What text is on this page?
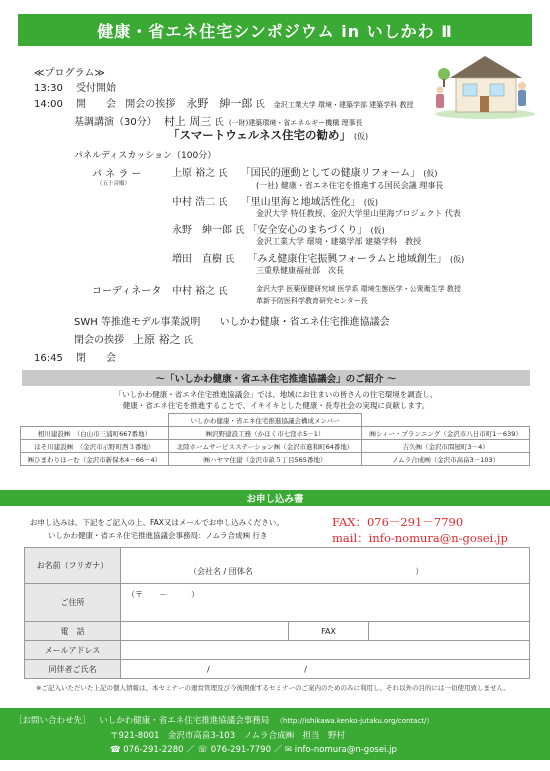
健康・省エネ住宅シンポジウム in いしかわ Ⅱ
≪プログラム≫
13:30 受付開始
14:00 開　　会 開会の挨拶 永野　紳一郎 氏 金沢工業大学 環境・建築学部 建築学科 教授
基調講演（30分） 村上 周三 氏 (一財)建築環境・省エネルギー機構 理事長
「スマートウェルネス住宅の勧め」 (仮)
パネルディスカッション（100分）
パ ネ ラ ー
（五十音順）
上原 裕之 氏 「国民的運動としての健康リフォーム」 (仮)
(一社) 健康・省エネ住宅を推進する国民会議 理事長
中村 浩二 氏 「里山里海と地域活性化」 (仮)
金沢大学 特任教授、金沢大学里山里海プロジェクト 代表
永野　紳一郎 氏 「安全安心のまちづくり」 (仮)
金沢工業大学 環境・建築学部 建築学科　教授
増田　直樹 氏 「みえ健康住宅振興フォーラムと地域創生」 (仮)
三重県健康福祉部　次長
コーディネータ 中村 裕之 氏	金沢大学 医薬保健研究域 医学系 環境生態医学・公衆衛生学 教授
革新予防医科学教育研究センター長
SWH 等推進モデル事業説明 いしかわ健康・省エネ住宅推進協議会
閉会の挨拶 上原 裕之 氏
16:45 閉　　会
～「いしかわ健康・省エネ住宅推進協議会」のご紹介 ～
「いしかわ健康・省エネ住宅推進協議会」では、地域にお住まいの皆さんの住宅環境を調査し、
健康・省エネ住宅を推進することで、イキイキとした健康・長寿社会の実現に貢献します。
	いしかわ健康・省エネ住宅推進協議会構成メンバー	
相川建設㈱　（白山市三浦町667番地）	㈱沢野建設工務（かほく市七窪ホ5－1）	㈱シィー・プランニング（金沢市八日市町1－639）
ほそ川建設㈱　（金沢市示野町西３番地）	北陸ホームサービスステーション㈱（金沢市進和町64番地）	吉久㈱（金沢市問屋町3－4）
㈱ひまわりほーむ（金沢市新保本4－66－4）	㈱ハヤマ住建（金沢市畝５丁目565番地）	ノムラ合成㈱（金沢市高畠3－103）
お申し込み書
お申し込みは、下記をご記入の上、FAX又はメールでお申し込みください。
いしかわ健康・省エネ住宅推進協議会事務局：ノムラ合成㈱ 行き
FAX：076－291－7790
mail：info-nomura@n-gosei.jp
お名前（フリガナ）	（会社名 / 団体名 ）		
ご住所	（〒　　－　　　）		
電　話		FAX	
メールアドレス			
同伴者ご氏名	/ /		
※ご記入いただいた上記の個人情報は、本セミナーの運営管理及び今後開催するセミナーのご案内のためのみに利用し、それ以外の目的には一切使用致しません。
［お問い合わせ先］ いしかわ健康・省エネ住宅推進協議会事務局 （http://ishikawa.kenko-jutaku.org/contact/）
〒921-8001　金沢市高畠3-103　ノムラ合成㈱　担当　野村
☎ 076-291-2280 ／ ☏ 076-291-7790 ／ ✉ info-nomura@n-gosei.jp
